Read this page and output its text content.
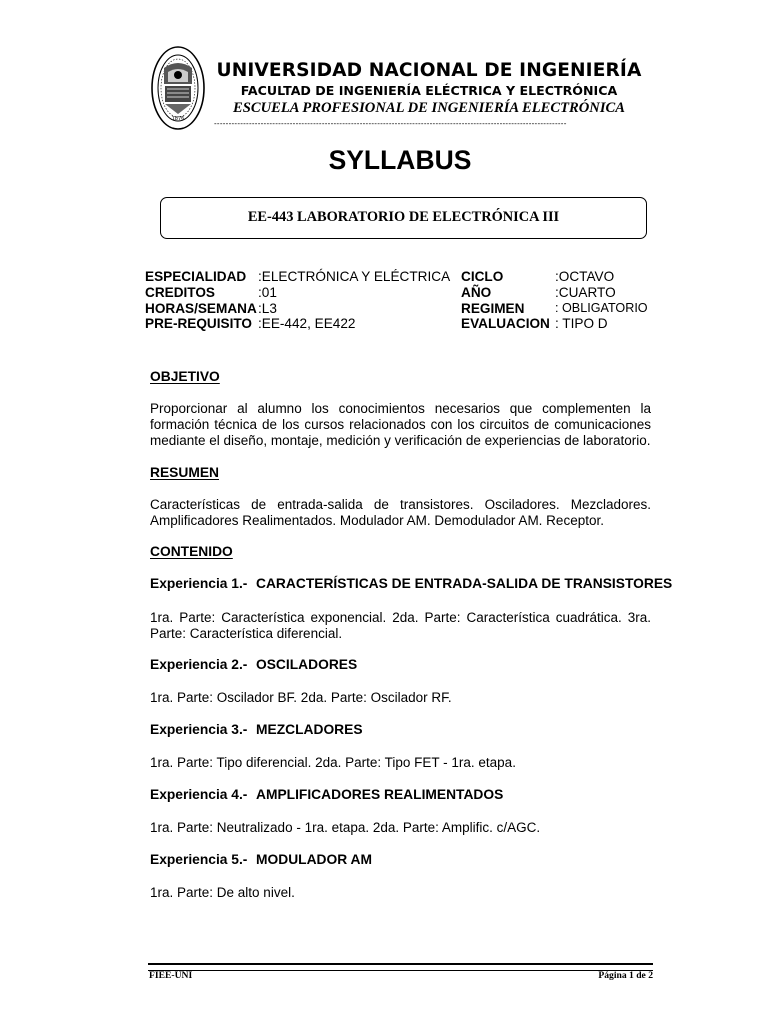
1876
UNIVERSIDAD NACIONAL DE INGENIERÍA
FACULTAD DE INGENIERÍA ELÉCTRICA Y ELECTRÓNICA
ESCUELA PROFESIONAL DE INGENIERÍA ELECTRÓNICA
-------------------------------------------------------------------------------------------------------------------------
SYLLABUS
EE-443 LABORATORIO DE ELECTRÓNICA III
ESPECIALIDAD :ELECTRÓNICA Y ELÉCTRICA CICLO	:OCTAVO
CREDITOS	:01	AÑO	:CUARTO
HORAS/SEMANA :L3	REGIMEN : OBLIGATORIO
PRE-REQUISITO :EE-442, EE422	EVALUACION : TIPO D
OBJETIVO
Proporcionar al alumno los conocimientos necesarios que complementen la formación técnica de los cursos relacionados con los circuitos de comunicaciones mediante el diseño, montaje, medición y verificación de experiencias de laboratorio.
RESUMEN
Características de entrada-salida de transistores. Osciladores. Mezcladores. Amplificadores Realimentados. Modulador AM. Demodulador AM. Receptor.
CONTENIDO
Experiencia 1.- CARACTERÍSTICAS DE ENTRADA-SALIDA DE TRANSISTORES
1ra. Parte: Característica exponencial. 2da. Parte: Característica cuadrática. 3ra. Parte: Característica diferencial.
Experiencia 2.- OSCILADORES
1ra. Parte: Oscilador BF. 2da. Parte: Oscilador RF.
Experiencia 3.- MEZCLADORES
1ra. Parte: Tipo diferencial. 2da. Parte: Tipo FET - 1ra. etapa.
Experiencia 4.- AMPLIFICADORES REALIMENTADOS
1ra. Parte: Neutralizado - 1ra. etapa. 2da. Parte: Amplific. c/AGC.
Experiencia 5.- MODULADOR AM
1ra. Parte: De alto nivel.
FIEE-UNI	Página 1 de 2
